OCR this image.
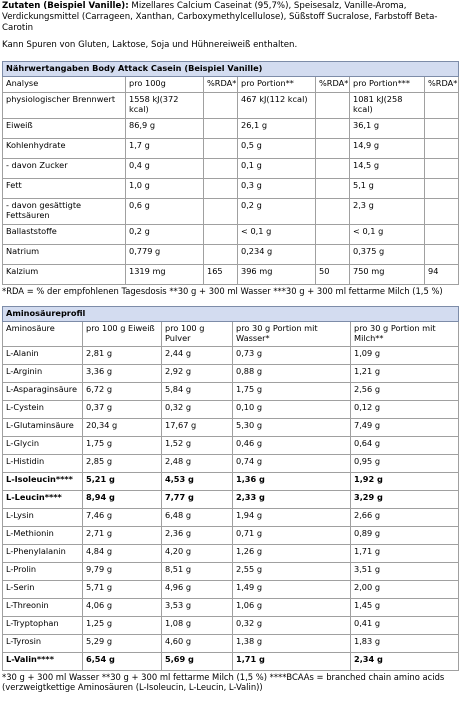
Zutaten (Beispiel Vanille): Mizellares Calcium Caseinat (95,7%), Speisesalz, Vanille-Aroma, Verdickungsmittel (Carrageen, Xanthan, Carboxymethylcellulose), Süßstoff Sucralose, Farbstoff Beta-Carotin

Kann Spuren von Gluten, Laktose, Soja und Hühnereiweiß enthalten.

Nährwertangaben Body Attack Casein (Beispiel Vanille)						
Analyse	pro 100g	%RDA*	pro Portion**	%RDA*	pro Portion***	%RDA*
physiologischer Brennwert	1558 kJ(372 kcal)		467 kJ(112 kcal)		1081 kJ(258 kcal)	
Eiweiß	86,9 g		26,1 g		36,1 g	
Kohlenhydrate	1,7 g		0,5 g		14,9 g	
- davon Zucker	0,4 g		0,1 g		14,5 g	
Fett	1,0 g		0,3 g		5,1 g	
- davon gesättigte Fettsäuren	0,6 g		0,2 g		2,3 g	
Ballaststoffe	0,2 g		< 0,1 g		< 0,1 g	
Natrium	0,779 g		0,234 g		0,375 g	
Kalzium	1319 mg	165	396 mg	50	750 mg	94

*RDA = % der empfohlenen Tagesdosis **30 g + 300 ml Wasser ***30 g + 300 ml fettarme Milch (1,5 %)

Aminosäureprofil				
Aminosäure	pro 100 g Eiweiß	pro 100 g Pulver	pro 30 g Portion mit Wasser*	pro 30 g Portion mit Milch**
L-Alanin	2,81 g	2,44 g	0,73 g	1,09 g
L-Arginin	3,36 g	2,92 g	0,88 g	1,21 g
L-Asparaginsäure	6,72 g	5,84 g	1,75 g	2,56 g
L-Cystein	0,37 g	0,32 g	0,10 g	0,12 g
L-Glutaminsäure	20,34 g	17,67 g	5,30 g	7,49 g
L-Glycin	1,75 g	1,52 g	0,46 g	0,64 g
L-Histidin	2,85 g	2,48 g	0,74 g	0,95 g
L-Isoleucin****	5,21 g	4,53 g	1,36 g	1,92 g
L-Leucin****	8,94 g	7,77 g	2,33 g	3,29 g
L-Lysin	7,46 g	6,48 g	1,94 g	2,66 g
L-Methionin	2,71 g	2,36 g	0,71 g	0,89 g
L-Phenylalanin	4,84 g	4,20 g	1,26 g	1,71 g
L-Prolin	9,79 g	8,51 g	2,55 g	3,51 g
L-Serin	5,71 g	4,96 g	1,49 g	2,00 g
L-Threonin	4,06 g	3,53 g	1,06 g	1,45 g
L-Tryptophan	1,25 g	1,08 g	0,32 g	0,41 g
L-Tyrosin	5,29 g	4,60 g	1,38 g	1,83 g
L-Valin****	6,54 g	5,69 g	1,71 g	2,34 g

*30 g + 300 ml Wasser **30 g + 300 ml fettarme Milch (1,5 %) ****BCAAs = branched chain amino acids (verzweigtkettige Aminosäuren (L-Isoleucin, L-Leucin, L-Valin))
